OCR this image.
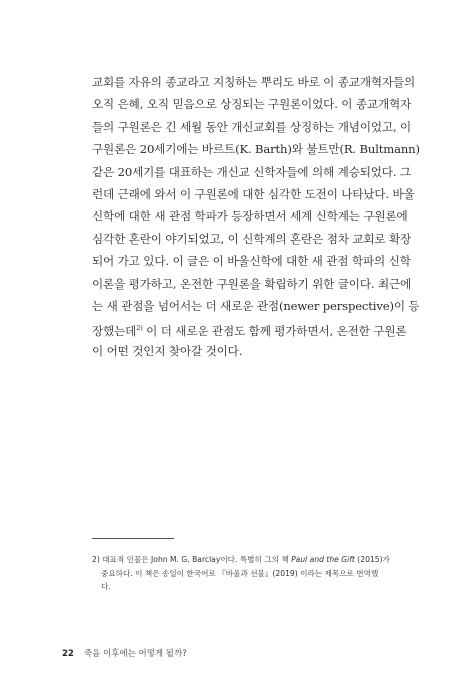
교회를 자유의 종교라고 지칭하는 뿌리도 바로 이 종교개혁자들의
오직 은혜, 오직 믿음으로 상징되는 구원론이었다. 이 종교개혁자
들의 구원론은 긴 세월 동안 개신교회를 상징하는 개념이었고, 이
구원론은 20세기에는 바르트(K. Barth)와 불트만(R. Bultmann)
같은 20세기를 대표하는 개신교 신학자들에 의해 계승되었다. 그
런데 근래에 와서 이 구원론에 대한 심각한 도전이 나타났다. 바울
신학에 대한 새 관점 학파가 등장하면서 세계 신학계는 구원론에
심각한 혼란이 야기되었고, 이 신학계의 혼란은 점차 교회로 확장
되어 가고 있다. 이 글은 이 바울신학에 대한 새 관점 학파의 신학
이론을 평가하고, 온전한 구원론을 확립하기 위한 글이다. 최근에
는 새 관점을 넘어서는 더 새로운 관점(newer perspective)이 등
장했는데$^{2)}$ 이 더 새로운 관점도 함께 평가하면서, 온전한 구원론
이 어떤 것인지 찾아갈 것이다.
2) 대표적 인물은 John M. G. Barclay이다. 특별히 그의 책 Paul and the Gift (2015)가
중요하다. 이 책은 송일이 한국어로 『바울과 선물』(2019) 이라는 제목으로 번역했
다.
22 죽음 이후에는 어떻게 될까?
